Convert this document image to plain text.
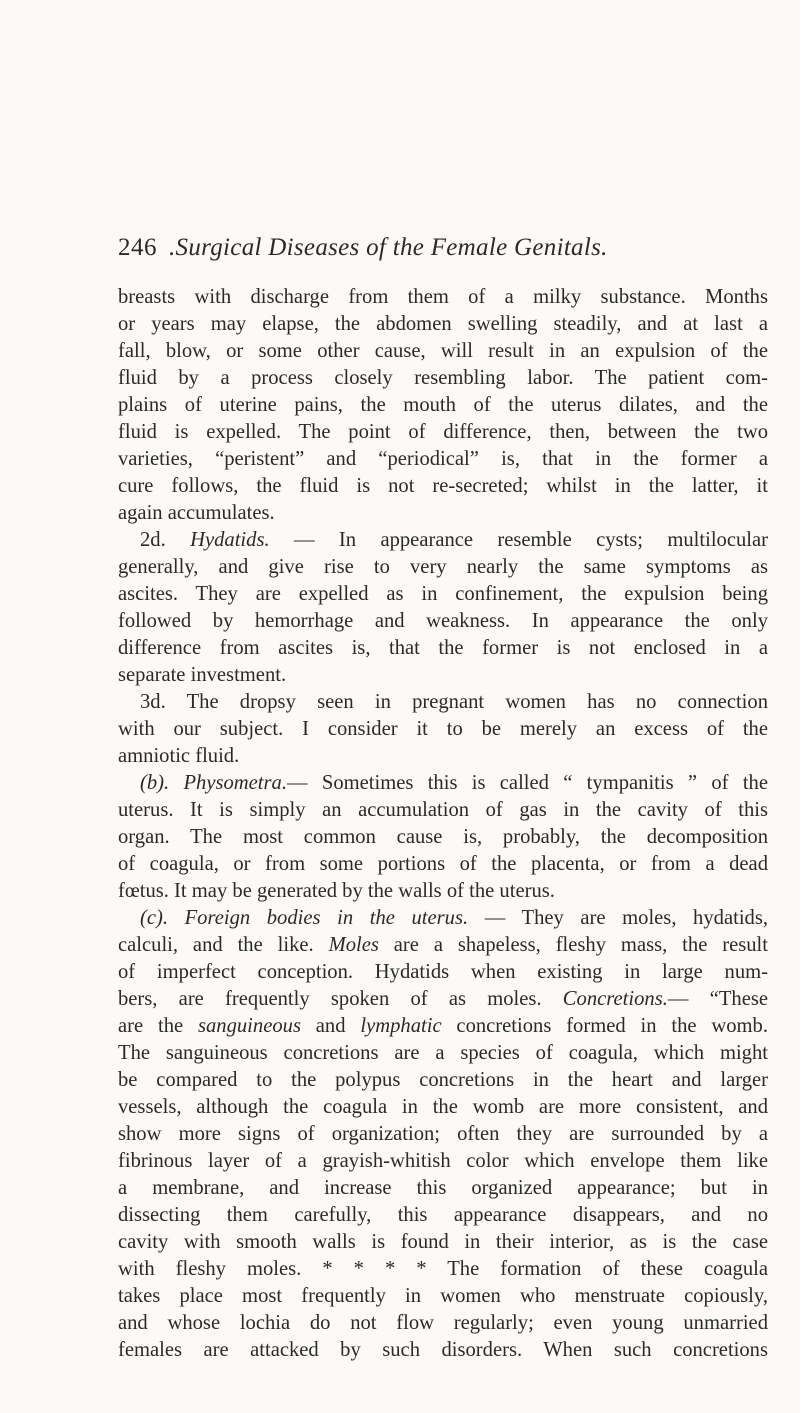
246 .Surgical Diseases of the Female Genitals.
breasts with discharge from them of a milky substance. Months
or years may elapse, the abdomen swelling steadily, and at last a
fall, blow, or some other cause, will result in an expulsion of the
fluid by a process closely resembling labor. The patient com-
plains of uterine pains, the mouth of the uterus dilates, and the
fluid is expelled. The point of difference, then, between the two
varieties, “peristent” and “periodical” is, that in the former a
cure follows, the fluid is not re-secreted; whilst in the latter, it
again accumulates.
2d. Hydatids. — In appearance resemble cysts; multilocular
generally, and give rise to very nearly the same symptoms as
ascites. They are expelled as in confinement, the expulsion being
followed by hemorrhage and weakness. In appearance the only
difference from ascites is, that the former is not enclosed in a
separate investment.
3d. The dropsy seen in pregnant women has no connection
with our subject. I consider it to be merely an excess of the
amniotic fluid.
(b). Physometra.— Sometimes this is called “ tympanitis ” of the
uterus. It is simply an accumulation of gas in the cavity of this
organ. The most common cause is, probably, the decomposition
of coagula, or from some portions of the placenta, or from a dead
fœtus. It may be generated by the walls of the uterus.
(c). Foreign bodies in the uterus. — They are moles, hydatids,
calculi, and the like. Moles are a shapeless, fleshy mass, the result
of imperfect conception. Hydatids when existing in large num-
bers, are frequently spoken of as moles. Concretions.— “These
are the sanguineous and lymphatic concretions formed in the womb.
The sanguineous concretions are a species of coagula, which might
be compared to the polypus concretions in the heart and larger
vessels, although the coagula in the womb are more consistent, and
show more signs of organization; often they are surrounded by a
fibrinous layer of a grayish-whitish color which envelope them like
a membrane, and increase this organized appearance; but in
dissecting them carefully, this appearance disappears, and no
cavity with smooth walls is found in their interior, as is the case
with fleshy moles. * * * * The formation of these coagula
takes place most frequently in women who menstruate copiously,
and whose lochia do not flow regularly; even young unmarried
females are attacked by such disorders. When such concretions
